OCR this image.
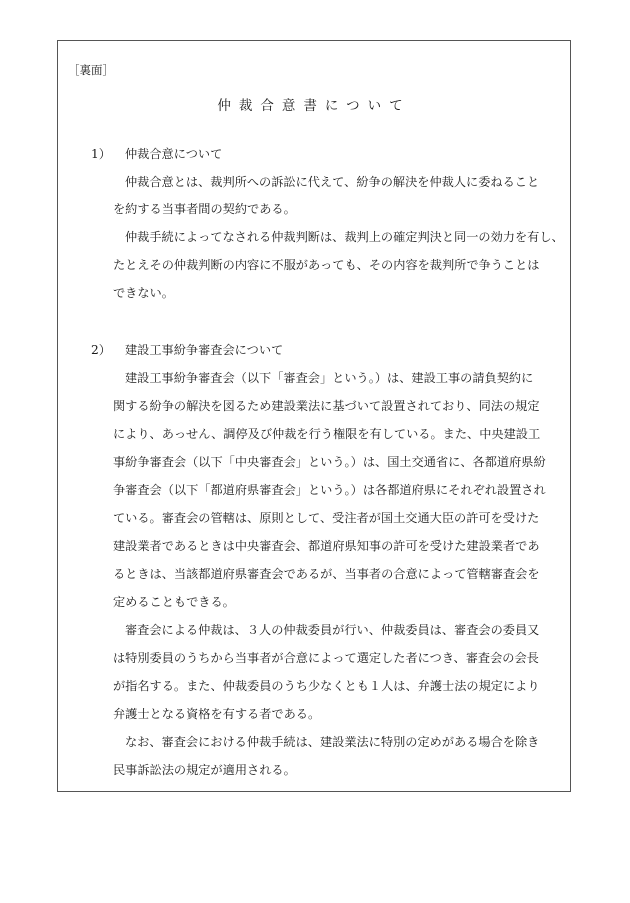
［裏面］
仲裁合意書について
1） 仲裁合意について
仲裁合意とは、裁判所への訴訟に代えて、紛争の解決を仲裁人に委ねること
を約する当事者間の契約である。
仲裁手続によってなされる仲裁判断は、裁判上の確定判決と同一の効力を有し、
たとえその仲裁判断の内容に不服があっても、その内容を裁判所で争うことは
できない。
2） 建設工事紛争審査会について
建設工事紛争審査会（以下「審査会」という。）は、建設工事の請負契約に
関する紛争の解決を図るため建設業法に基づいて設置されており、同法の規定
により、あっせん、調停及び仲裁を行う権限を有している。また、中央建設工
事紛争審査会（以下「中央審査会」という。）は、国土交通省に、各都道府県紛
争審査会（以下「都道府県審査会」という。）は各都道府県にそれぞれ設置され
ている。審査会の管轄は、原則として、受注者が国土交通大臣の許可を受けた
建設業者であるときは中央審査会、都道府県知事の許可を受けた建設業者であ
るときは、当該都道府県審査会であるが、当事者の合意によって管轄審査会を
定めることもできる。
審査会による仲裁は、３人の仲裁委員が行い、仲裁委員は、審査会の委員又
は特別委員のうちから当事者が合意によって選定した者につき、審査会の会長
が指名する。また、仲裁委員のうち少なくとも１人は、弁護士法の規定により
弁護士となる資格を有する者である。
なお、審査会における仲裁手続は、建設業法に特別の定めがある場合を除き
民事訴訟法の規定が適用される。
